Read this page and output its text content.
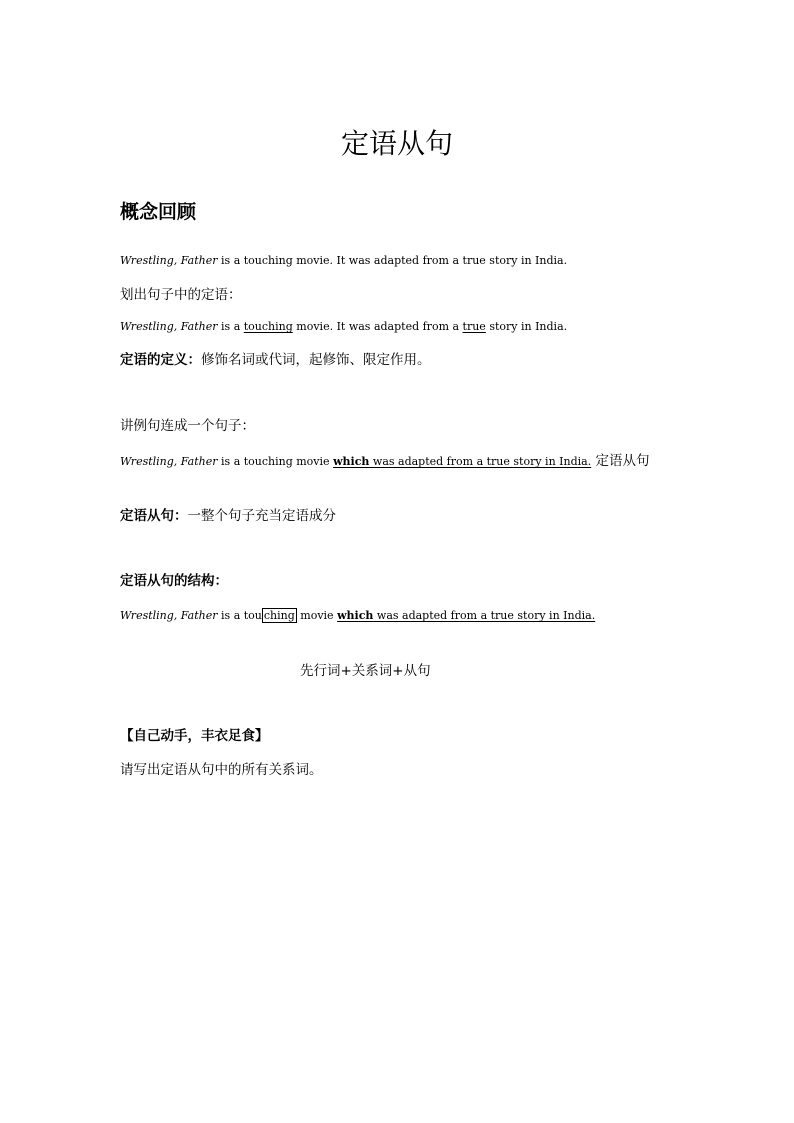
定语从句
概念回顾
Wrestling, Father is a touching movie. It was adapted from a true story in India.
划出句子中的定语：
Wrestling, Father is a touching movie. It was adapted from a true story in India.
定语的定义：修饰名词或代词，起修饰、限定作用。
讲例句连成一个句子：
Wrestling, Father is a touching movie which was adapted from a true story in India. 定语从句
定语从句：一整个句子充当定语成分
定语从句的结构：
Wrestling, Father is a tou ching movie which was adapted from a true story in India.
先行词+关系词+从句
【自己动手，丰衣足食】
请写出定语从句中的所有关系词。
